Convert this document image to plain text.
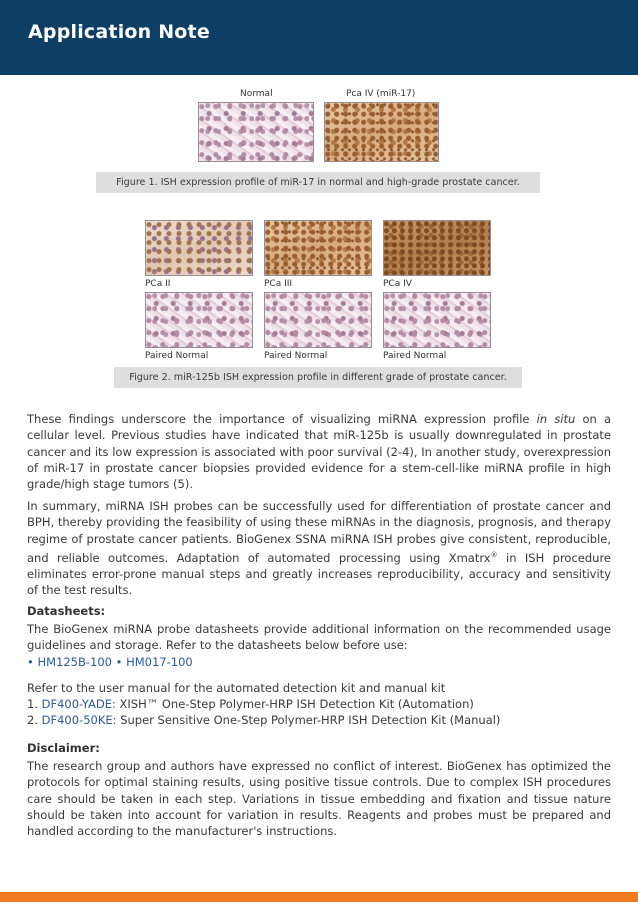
Application Note
Normal	Pca IV (miR-17)
Figure 1. ISH expression profile of miR-17 in normal and high-grade prostate cancer.
PCa II	PCa III	PCa IV
Paired Normal	Paired Normal	Paired Normal
Figure 2. miR-125b ISH expression profile in different grade of prostate cancer.
These findings underscore the importance of visualizing miRNA expression profile in situ on a cellular level. Previous studies have indicated that miR-125b is usually downregulated in prostate cancer and its low expression is associated with poor survival (2-4), In another study, overexpression of miR-17 in prostate cancer biopsies provided evidence for a stem-cell-like miRNA profile in high grade/high stage tumors (5).
In summary, miRNA ISH probes can be successfully used for differentiation of prostate cancer and BPH, thereby providing the feasibility of using these miRNAs in the diagnosis, prognosis, and therapy regime of prostate cancer patients. BioGenex SSNA miRNA ISH probes give consistent, reproducible, and reliable outcomes. Adaptation of automated processing using Xmatrx® in ISH procedure eliminates error-prone manual steps and greatly increases reproducibility, accuracy and sensitivity of the test results.
Datasheets:
The BioGenex miRNA probe datasheets provide additional information on the recommended usage guidelines and storage. Refer to the datasheets below before use:
• HM125B-100 • HM017-100
Refer to the user manual for the automated detection kit and manual kit
1. DF400-YADE: XISH™ One-Step Polymer-HRP ISH Detection Kit (Automation)
2. DF400-50KE: Super Sensitive One-Step Polymer-HRP ISH Detection Kit (Manual)
Disclaimer:
The research group and authors have expressed no conflict of interest. BioGenex has optimized the protocols for optimal staining results, using positive tissue controls. Due to complex ISH procedures care should be taken in each step. Variations in tissue embedding and fixation and tissue nature should be taken into account for variation in results. Reagents and probes must be prepared and handled according to the manufacturer's instructions.
